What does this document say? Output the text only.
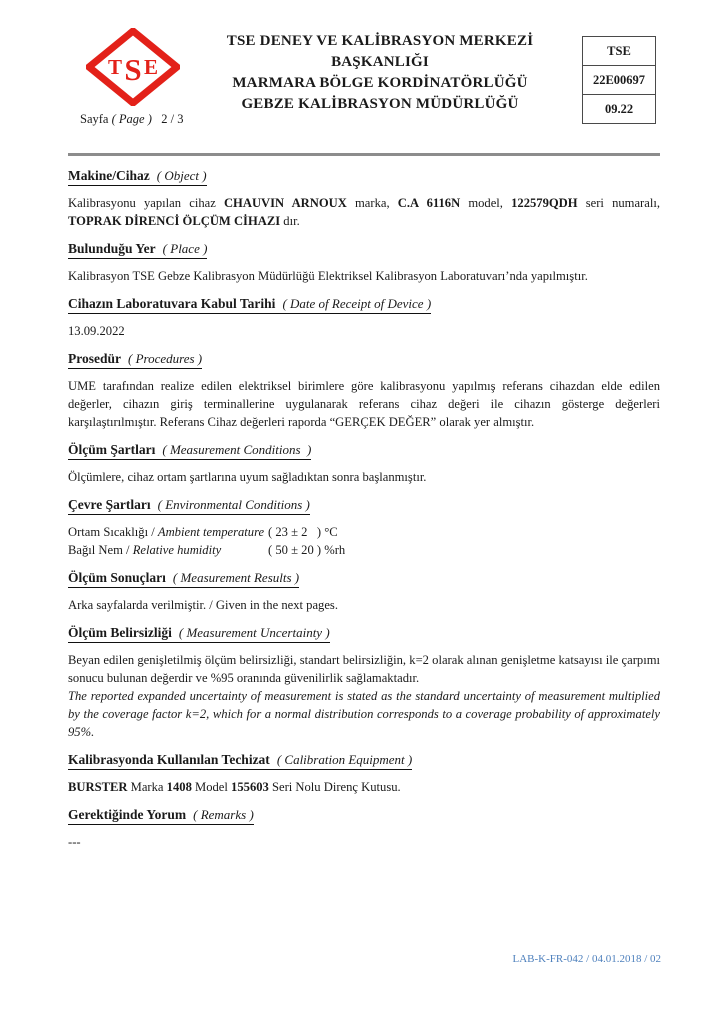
T S E
TSE DENEY VE KALİBRASYON MERKEZİ
BAŞKANLIĞI
MARMARA BÖLGE KORDİNATÖRLÜĞÜ
GEBZE KALİBRASYON MÜDÜRLÜĞÜ
Sayfa ( Page ) 2 / 3
TSE
22E00697
09.22
Makine/Cihaz ( Object )

Kalibrasyonu yapılan cihaz CHAUVIN ARNOUX marka, C.A 6116N model, 122579QDH seri numaralı, TOPRAK DİRENCİ ÖLÇÜM CİHAZI dır.

Bulunduğu Yer ( Place )

Kalibrasyon TSE Gebze Kalibrasyon Müdürlüğü Elektriksel Kalibrasyon Laboratuvarı’nda yapılmıştır.

Cihazın Laboratuvara Kabul Tarihi ( Date of Receipt of Device )

13.09.2022

Prosedür ( Procedures )

UME tarafından realize edilen elektriksel birimlere göre kalibrasyonu yapılmış referans cihazdan elde edilen değerler, cihazın giriş terminallerine uygulanarak referans cihaz değeri ile cihazın gösterge değerleri karşılaştırılmıştır. Referans Cihaz değerleri raporda “GERÇEK DEĞER” olarak yer almıştır.

Ölçüm Şartları ( Measurement Conditions  )

Ölçümlere, cihaz ortam şartlarına uyum sağladıktan sonra başlanmıştır.

Çevre Şartları ( Environmental Conditions )
Ortam Sıcaklığı / Ambient temperature ( 23 ± 2   ) °C
Bağıl Nem / Relative humidity	( 50 ± 20 ) %rh
Ölçüm Sonuçları ( Measurement Results )

Arka sayfalarda verilmiştir. / Given in the next pages.

Ölçüm Belirsizliği ( Measurement Uncertainty )

Beyan edilen genişletilmiş ölçüm belirsizliği, standart belirsizliğin, k=2 olarak alınan genişletme katsayısı ile çarpımı sonucu bulunan değerdir ve %95 oranında güvenilirlik sağlamaktadır.

The reported expanded uncertainty of measurement is stated as the standard uncertainty of measurement multiplied by the coverage factor k=2, which for a normal distribution corresponds to a coverage probability of approximately 95%.

Kalibrasyonda Kullanılan Techizat ( Calibration Equipment )

BURSTER Marka 1408 Model 155603 Seri Nolu Direnç Kutusu.

Gerektiğinde Yorum ( Remarks )

---

LAB-K-FR-042 / 04.01.2018 / 02
